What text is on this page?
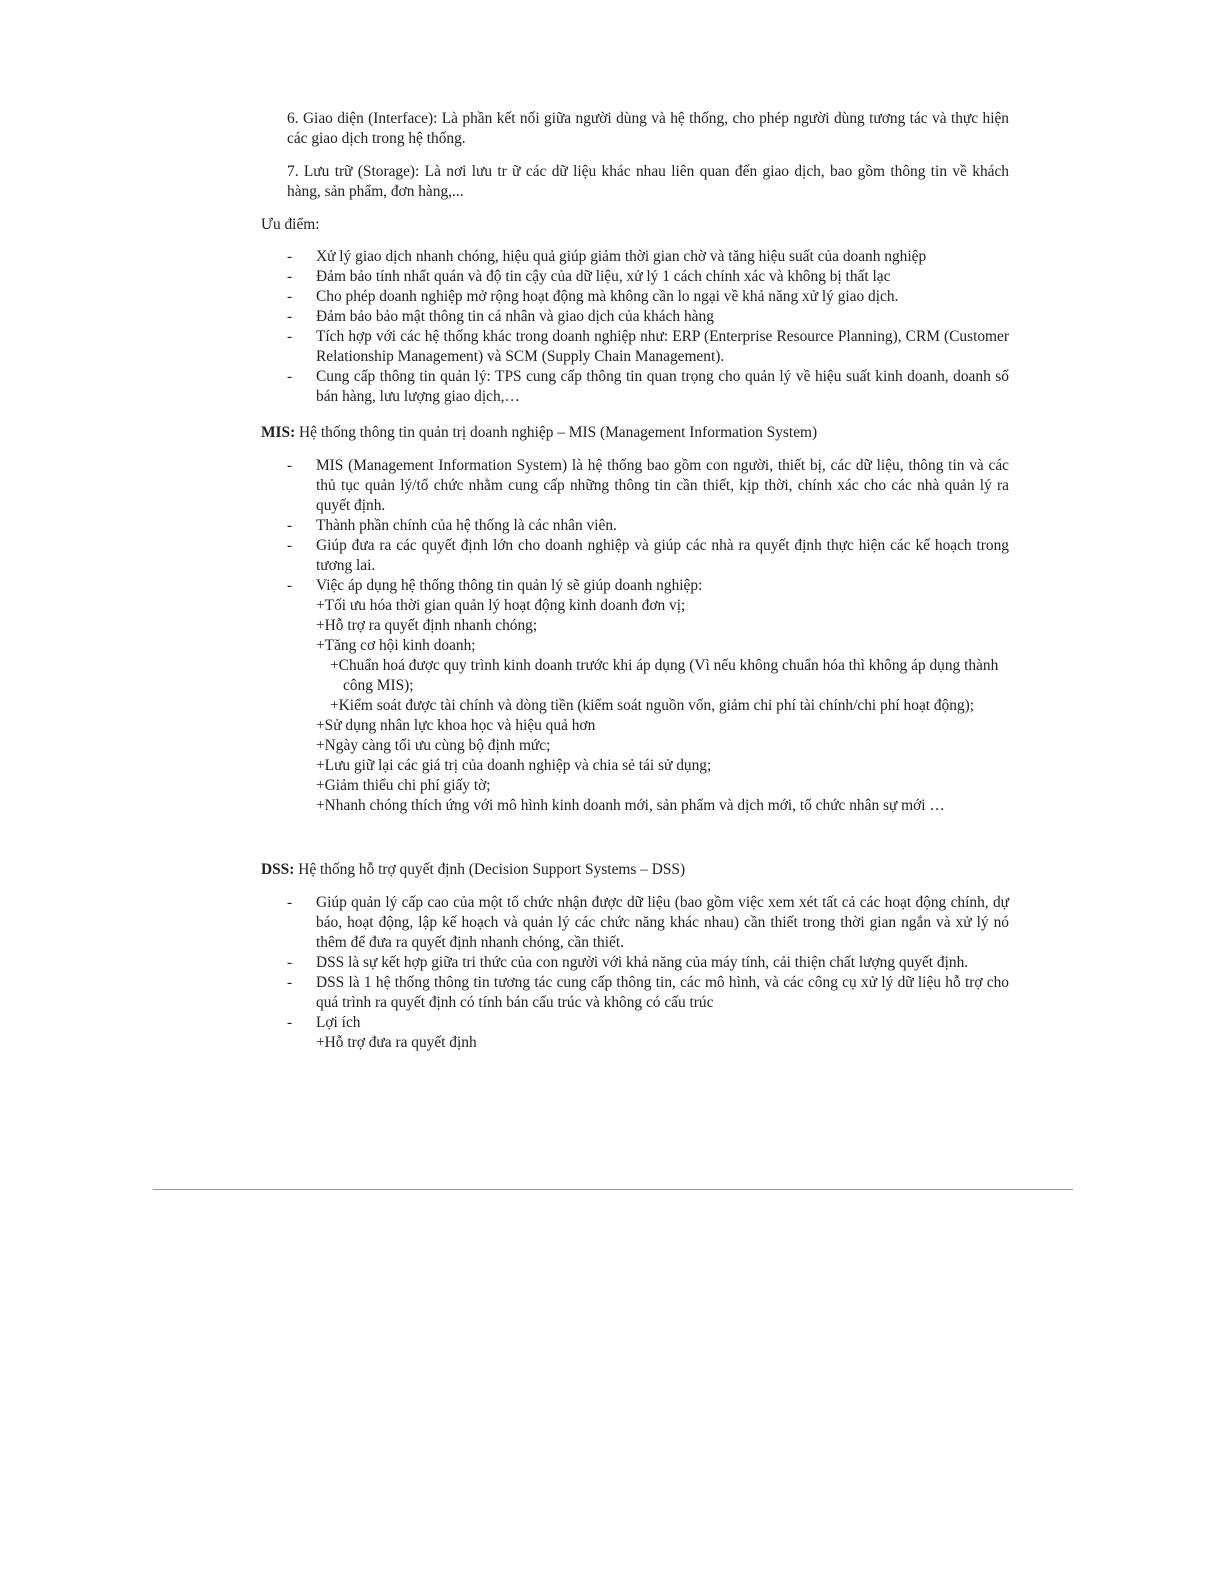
6. Giao diện (Interface): Là phần kết nối giữa người dùng và hệ thống, cho phép người dùng tương tác và thực hiện các giao dịch trong hệ thống.

7. Lưu trữ (Storage): Là nơi lưu tr ữ các dữ liệu khác nhau liên quan đến giao dịch, bao gồm thông tin về khách hàng, sản phẩm, đơn hàng,...

Ưu điểm:

-	Xử lý giao dịch nhanh chóng, hiệu quả giúp giảm thời gian chờ và tăng hiệu suất của doanh nghiệp
-	Đảm bảo tính nhất quán và độ tin cậy của dữ liệu, xử lý 1 cách chính xác và không bị thất lạc
-	Cho phép doanh nghiệp mở rộng hoạt động mà không cần lo ngại về khả năng xử lý giao dịch.
-	Đảm bảo bảo mật thông tin cá nhân và giao dịch của khách hàng
-	Tích hợp với các hệ thống khác trong doanh nghiệp như: ERP (Enterprise Resource Planning), CRM (Customer Relationship Management) và SCM (Supply Chain Management).
-	Cung cấp thông tin quản lý: TPS cung cấp thông tin quan trọng cho quản lý về hiệu suất kinh doanh, doanh số bán hàng, lưu lượng giao dịch,…

MIS: Hệ thống thông tin quản trị doanh nghiệp – MIS (Management Information System)

-	MIS (Management Information System) là hệ thống bao gồm con người, thiết bị, các dữ liệu, thông tin và các thủ tục quản lý/tổ chức nhằm cung cấp những thông tin cần thiết, kịp thời, chính xác cho các nhà quản lý ra quyết định.
-	Thành phần chính của hệ thống là các nhân viên.
-	Giúp đưa ra các quyết định lớn cho doanh nghiệp và giúp các nhà ra quyết định thực hiện các kế hoạch trong tương lai.
-	Việc áp dụng hệ thống thông tin quản lý sẽ giúp doanh nghiệp:
+Tối ưu hóa thời gian quản lý hoạt động kinh doanh đơn vị;
+Hỗ trợ ra quyết định nhanh chóng;
+Tăng cơ hội kinh doanh;
+Chuẩn hoá được quy trình kinh doanh trước khi áp dụng (Vì nếu không chuẩn hóa thì không áp dụng thành công MIS);
+Kiểm soát được tài chính và dòng tiền (kiểm soát nguồn vốn, giảm chi phí tài chính/chi phí hoạt động);
+Sử dụng nhân lực khoa học và hiệu quả hơn
+Ngày càng tối ưu cùng bộ định mức;
+Lưu giữ lại các giá trị của doanh nghiệp và chia sẻ tái sử dụng;
+Giảm thiểu chi phí giấy tờ;
+Nhanh chóng thích ứng với mô hình kinh doanh mới, sản phẩm và dịch mới, tổ chức nhân sự mới …

DSS: Hệ thống hỗ trợ quyết định (Decision Support Systems – DSS)

-	Giúp quản lý cấp cao của một tổ chức nhận được dữ liệu (bao gồm việc xem xét tất cả các hoạt động chính, dự báo, hoạt động, lập kế hoạch và quản lý các chức năng khác nhau) cần thiết trong thời gian ngắn và xử lý nó thêm để đưa ra quyết định nhanh chóng, cần thiết.
-	DSS là sự kết hợp giữa tri thức của con người với khả năng của máy tính, cải thiện chất lượng quyết định.
-	DSS là 1 hệ thống thông tin tương tác cung cấp thông tin, các mô hình, và các công cụ xử lý dữ liệu hỗ trợ cho quá trình ra quyết định có tính bán cấu trúc và không có cấu trúc
-	Lợi ích
+Hỗ trợ đưa ra quyết định
